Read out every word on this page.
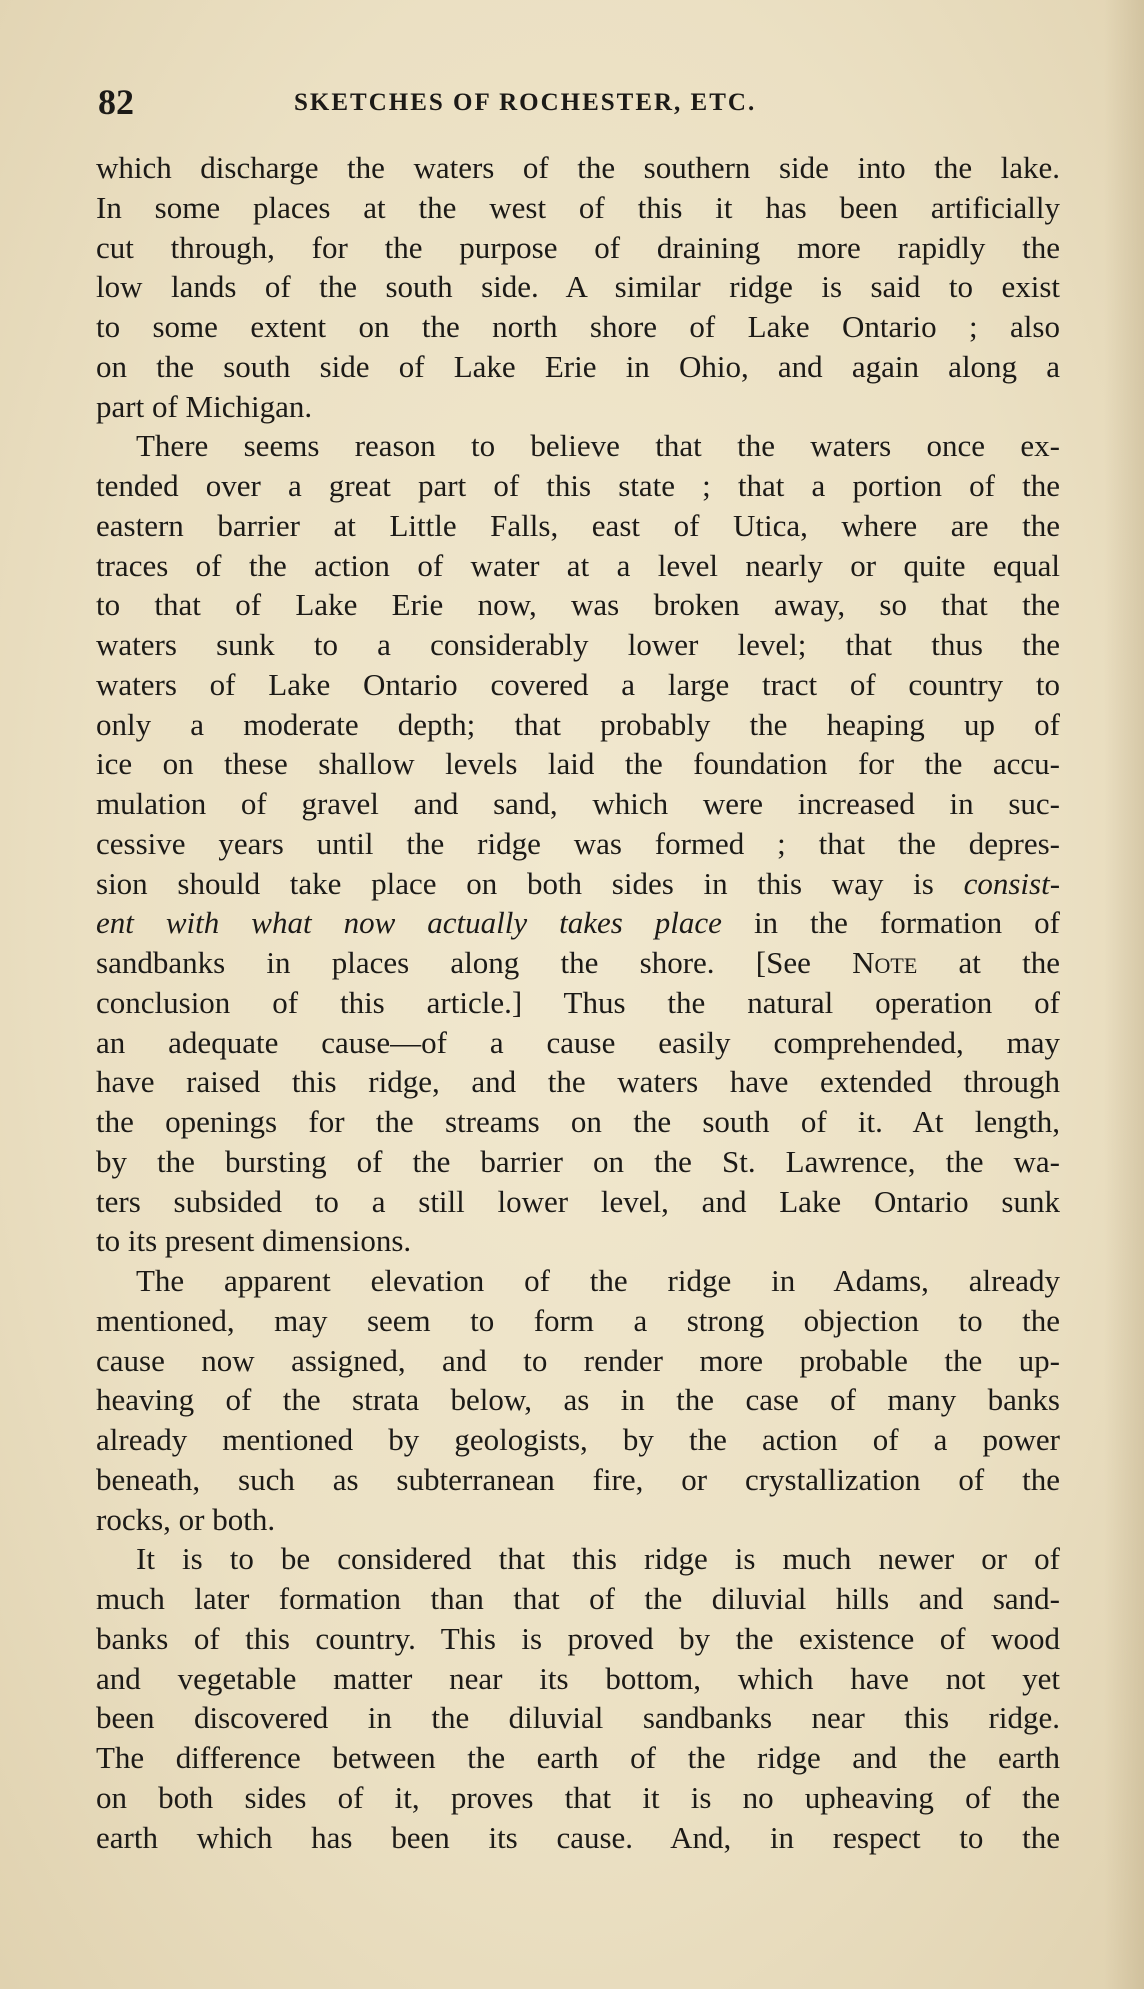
82	SKETCHES OF ROCHESTER, ETC.
which discharge the waters of the southern side into the lake.
In some places at the west of this it has been artificially
cut through, for the purpose of draining more rapidly the
low lands of the south side. A similar ridge is said to exist
to some extent on the north shore of Lake Ontario ; also
on the south side of Lake Erie in Ohio, and again along a
part of Michigan.
There seems reason to believe that the waters once ex-
tended over a great part of this state ; that a portion of the
eastern barrier at Little Falls, east of Utica, where are the
traces of the action of water at a level nearly or quite equal
to that of Lake Erie now, was broken away, so that the
waters sunk to a considerably lower level; that thus the
waters of Lake Ontario covered a large tract of country to
only a moderate depth; that probably the heaping up of
ice on these shallow levels laid the foundation for the accu-
mulation of gravel and sand, which were increased in suc-
cessive years until the ridge was formed ; that the depres-
sion should take place on both sides in this way is consist-
ent with what now actually takes place in the formation of
sandbanks in places along the shore. [See Note at the
conclusion of this article.] Thus the natural operation of
an adequate cause—of a cause easily comprehended, may
have raised this ridge, and the waters have extended through
the openings for the streams on the south of it. At length,
by the bursting of the barrier on the St. Lawrence, the wa-
ters subsided to a still lower level, and Lake Ontario sunk
to its present dimensions.
The apparent elevation of the ridge in Adams, already
mentioned, may seem to form a strong objection to the
cause now assigned, and to render more probable the up-
heaving of the strata below, as in the case of many banks
already mentioned by geologists, by the action of a power
beneath, such as subterranean fire, or crystallization of the
rocks, or both.
It is to be considered that this ridge is much newer or of
much later formation than that of the diluvial hills and sand-
banks of this country. This is proved by the existence of wood
and vegetable matter near its bottom, which have not yet
been discovered in the diluvial sandbanks near this ridge.
The difference between the earth of the ridge and the earth
on both sides of it, proves that it is no upheaving of the
earth which has been its cause. And, in respect to the
